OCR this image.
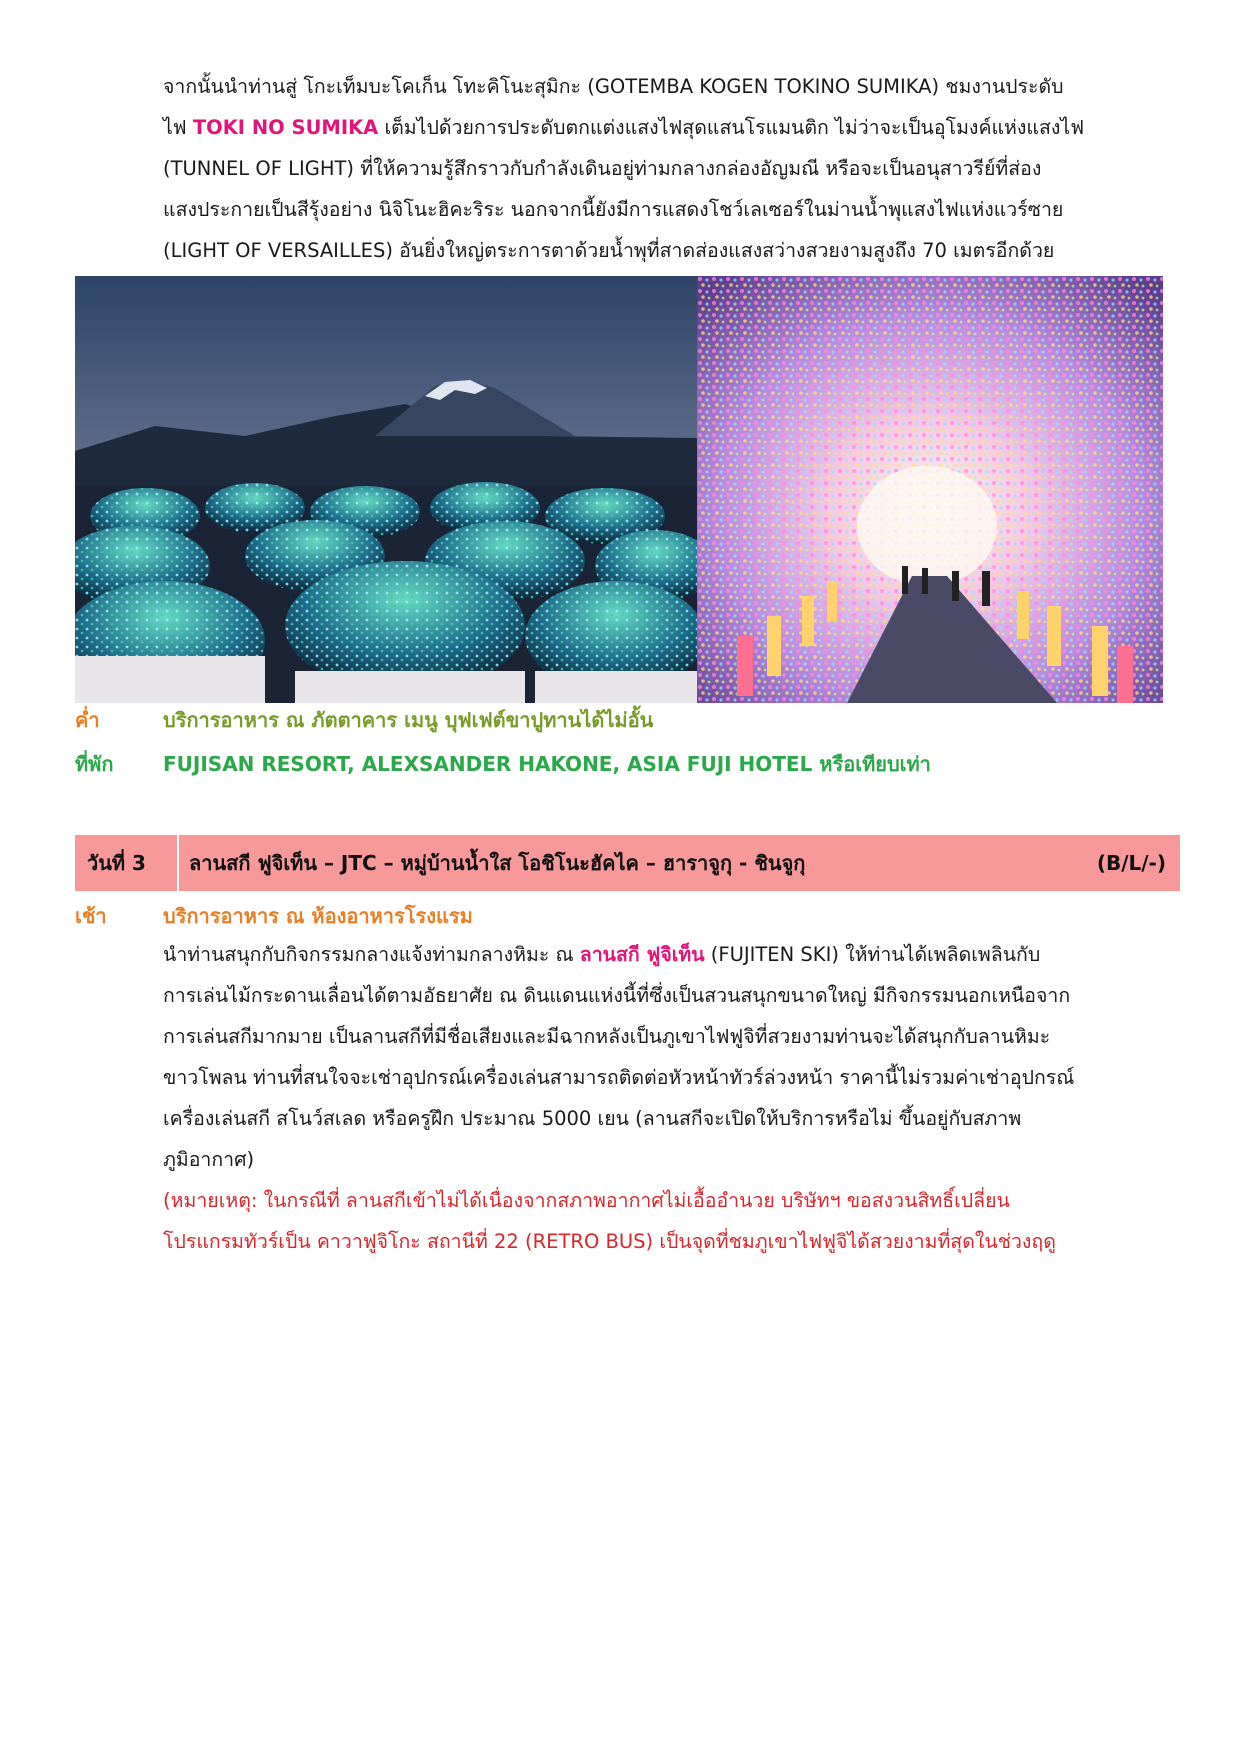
จากนั้นนำท่านสู่ โกะเท็มบะโคเก็น โทะคิโนะสุมิกะ (GOTEMBA KOGEN TOKINO SUMIKA) ชมงานประดับ
ไฟ TOKI NO SUMIKA เต็มไปด้วยการประดับตกแต่งแสงไฟสุดแสนโรแมนติก ไม่ว่าจะเป็นอุโมงค์แห่งแสงไฟ
(TUNNEL OF LIGHT) ที่ให้ความรู้สึกราวกับกำลังเดินอยู่ท่ามกลางกล่องอัญมณี หรือจะเป็นอนุสาวรีย์ที่ส่อง
แสงประกายเป็นสีรุ้งอย่าง นิจิโนะฮิคะริระ นอกจากนี้ยังมีการแสดงโชว์เลเซอร์ในม่านน้ำพุแสงไฟแห่งแวร์ซาย
(LIGHT OF VERSAILLES) อันยิ่งใหญ่ตระการตาด้วยน้ำพุที่สาดส่องแสงสว่างสวยงามสูงถึง 70 เมตรอีกด้วย
ค่ำ	บริการอาหาร ณ ภัตตาคาร เมนู บุฟเฟต์ขาปูทานได้ไม่อั้น
ที่พัก	FUJISAN RESORT, ALEXSANDER HAKONE, ASIA FUJI HOTEL หรือเทียบเท่า
วันที่ 3 ลานสกี ฟูจิเท็น – JTC – หมู่บ้านน้ำใส โอชิโนะฮัคไค – ฮาราจูกุ - ชินจูกุ	(B/L/-)
เช้า	บริการอาหาร ณ ห้องอาหารโรงแรม
นำท่านสนุกกับกิจกรรมกลางแจ้งท่ามกลางหิมะ ณ ลานสกี ฟูจิเท็น (FUJITEN SKI) ให้ท่านได้เพลิดเพลินกับ
การเล่นไม้กระดานเลื่อนได้ตามอัธยาศัย ณ ดินแดนแห่งนี้ที่ซึ่งเป็นสวนสนุกขนาดใหญ่ มีกิจกรรมนอกเหนือจาก
การเล่นสกีมากมาย เป็นลานสกีที่มีชื่อเสียงและมีฉากหลังเป็นภูเขาไฟฟูจิที่สวยงามท่านจะได้สนุกกับลานหิมะ
ขาวโพลน ท่านที่สนใจจะเช่าอุปกรณ์เครื่องเล่นสามารถติดต่อหัวหน้าทัวร์ล่วงหน้า ราคานี้ไม่รวมค่าเช่าอุปกรณ์
เครื่องเล่นสกี สโนว์สเลด หรือครูฝึก ประมาณ 5000 เยน (ลานสกีจะเปิดให้บริการหรือไม่ ขึ้นอยู่กับสภาพ
ภูมิอากาศ)
(หมายเหตุ: ในกรณีที่ ลานสกีเข้าไม่ได้เนื่องจากสภาพอากาศไม่เอื้ออำนวย บริษัทฯ ขอสงวนสิทธิ์เปลี่ยน
โปรแกรมทัวร์เป็น คาวาฟูจิโกะ สถานีที่ 22 (RETRO BUS) เป็นจุดที่ชมภูเขาไฟฟูจิได้สวยงามที่สุดในช่วงฤดู
